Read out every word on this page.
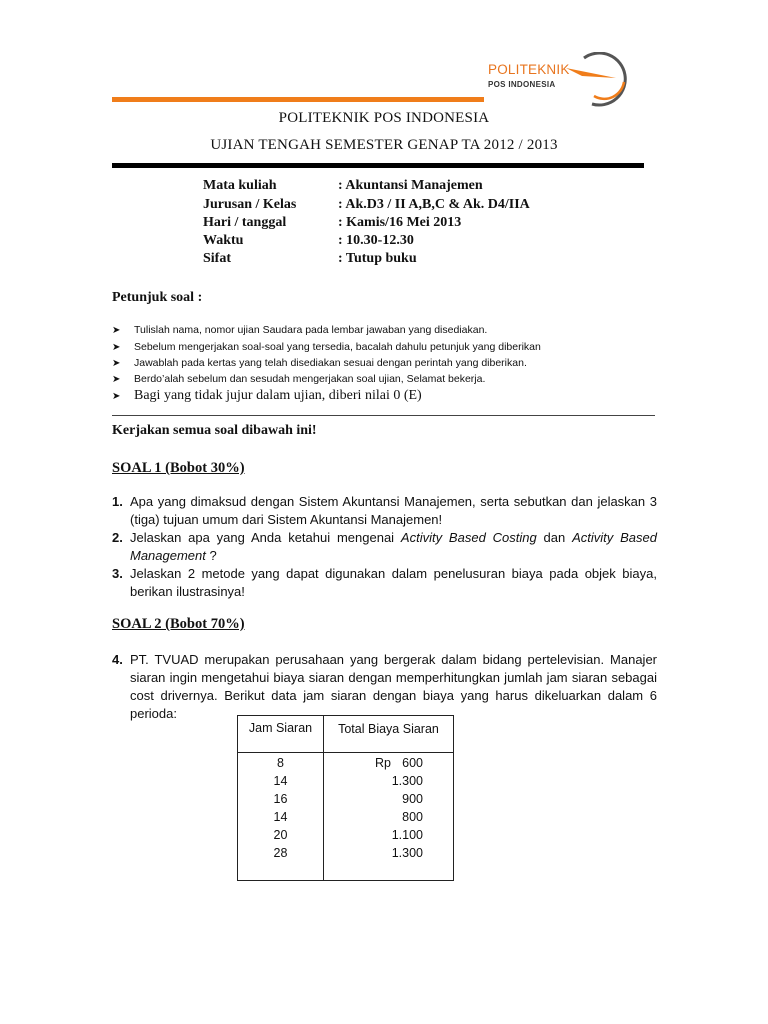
POLITEKNIK
POS INDONESIA
POLITEKNIK POS INDONESIA
UJIAN TENGAH SEMESTER GENAP TA 2012 / 2013
Mata kuliah	: Akuntansi Manajemen
Jurusan / Kelas	: Ak.D3 / II A,B,C & Ak. D4/IIA
Hari / tanggal	: Kamis/16 Mei 2013
Waktu	: 10.30-12.30
Sifat	: Tutup buku
Petunjuk soal :
➤ Tulislah nama, nomor ujian Saudara pada lembar jawaban yang disediakan.
➤ Sebelum mengerjakan soal-soal yang tersedia, bacalah dahulu petunjuk yang diberikan
➤ Jawablah pada kertas yang telah disediakan sesuai dengan perintah yang diberikan.
➤ Berdo’alah sebelum dan sesudah mengerjakan soal ujian, Selamat bekerja.
➤ Bagi yang tidak jujur dalam ujian, diberi nilai 0 (E)
Kerjakan semua soal dibawah ini!
SOAL 1 (Bobot 30%)
1. Apa yang dimaksud dengan Sistem Akuntansi Manajemen, serta sebutkan dan jelaskan 3 (tiga) tujuan umum dari Sistem Akuntansi Manajemen!
2. Jelaskan apa yang Anda ketahui mengenai Activity Based Costing dan Activity Based Management ?
3. Jelaskan 2 metode yang dapat digunakan dalam penelusuran biaya pada objek biaya, berikan ilustrasinya!
SOAL 2 (Bobot 70%)
4. PT. TVUAD merupakan perusahaan yang bergerak dalam bidang pertelevisian. Manajer siaran ingin mengetahui biaya siaran dengan memperhitungkan jumlah jam siaran sebagai cost drivernya. Berikut data jam siaran dengan biaya yang harus dikeluarkan dalam 6 perioda:
Jam Siaran	Total Biaya Siaran
Rp
8	600
14	1.300
16	900
14	800
20	1.100
28	1.300
